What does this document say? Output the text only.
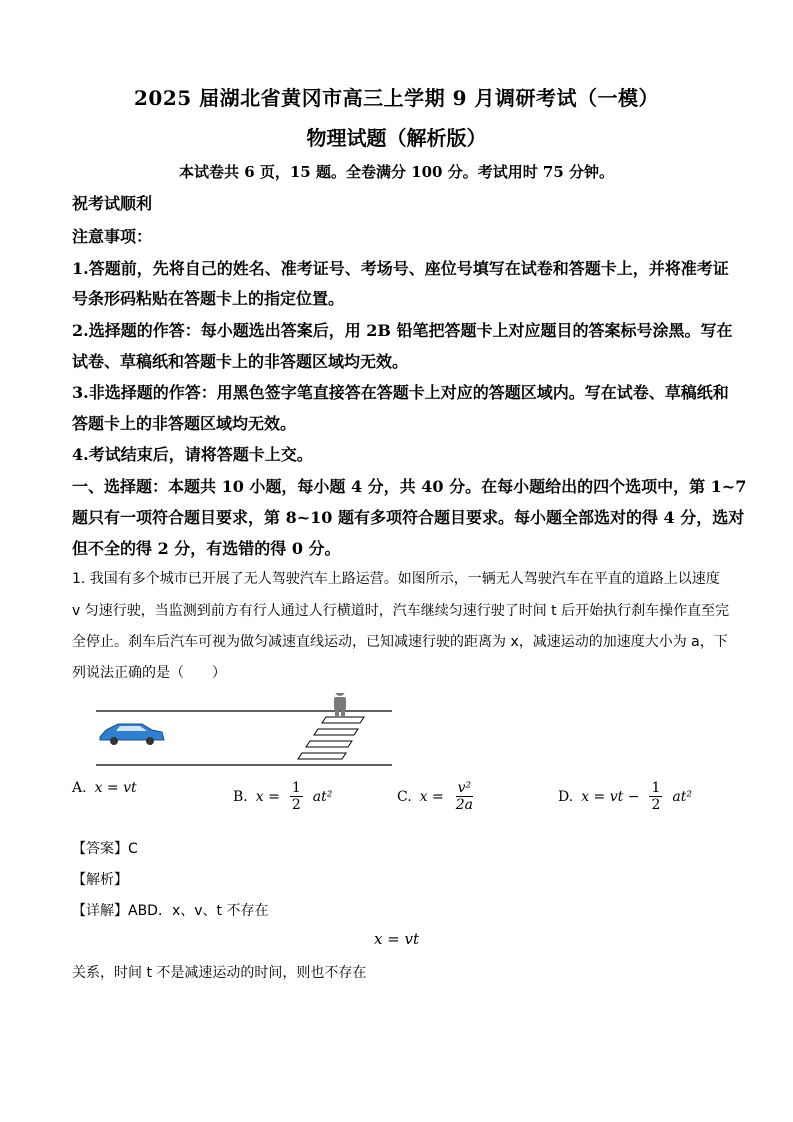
2025 届湖北省黄冈市高三上学期 9 月调研考试（一模）
物理试题（解析版）
本试卷共 6 页，15 题。全卷满分 100 分。考试用时 75 分钟。
祝考试顺利
注意事项：
1.答题前，先将自己的姓名、准考证号、考场号、座位号填写在试卷和答题卡上，并将准考证
号条形码粘贴在答题卡上的指定位置。
2.选择题的作答：每小题选出答案后，用 2B 铅笔把答题卡上对应题目的答案标号涂黑。写在
试卷、草稿纸和答题卡上的非答题区域均无效。
3.非选择题的作答：用黑色签字笔直接答在答题卡上对应的答题区域内。写在试卷、草稿纸和
答题卡上的非答题区域均无效。
4.考试结束后，请将答题卡上交。
一、选择题：本题共 10 小题，每小题 4 分，共 40 分。在每小题给出的四个选项中，第 1~7
题只有一项符合题目要求，第 8~10 题有多项符合题目要求。每小题全部选对的得 4 分，选对
但不全的得 2 分，有选错的得 0 分。
1. 我国有多个城市已开展了无人驾驶汽车上路运营。如图所示，一辆无人驾驶汽车在平直的道路上以速度
v 匀速行驶，当监测到前方有行人通过人行横道时，汽车继续匀速行驶了时间 t 后开始执行刹车操作直至完
全停止。刹车后汽车可视为做匀减速直线运动，已知减速行驶的距离为 x，减速运动的加速度大小为 a，下
列说法正确的是（　　）
A. x = vt
B. $x = \frac{1}{2} at^2$	C. $x = \frac{\text{v²}}{2a}$	D. x = vt − $\frac{1}{2} at^2$
【答案】C
【解析】
【详解】ABD．x、v、t 不存在
x = vt
关系，时间 t 不是减速运动的时间，则也不存在
